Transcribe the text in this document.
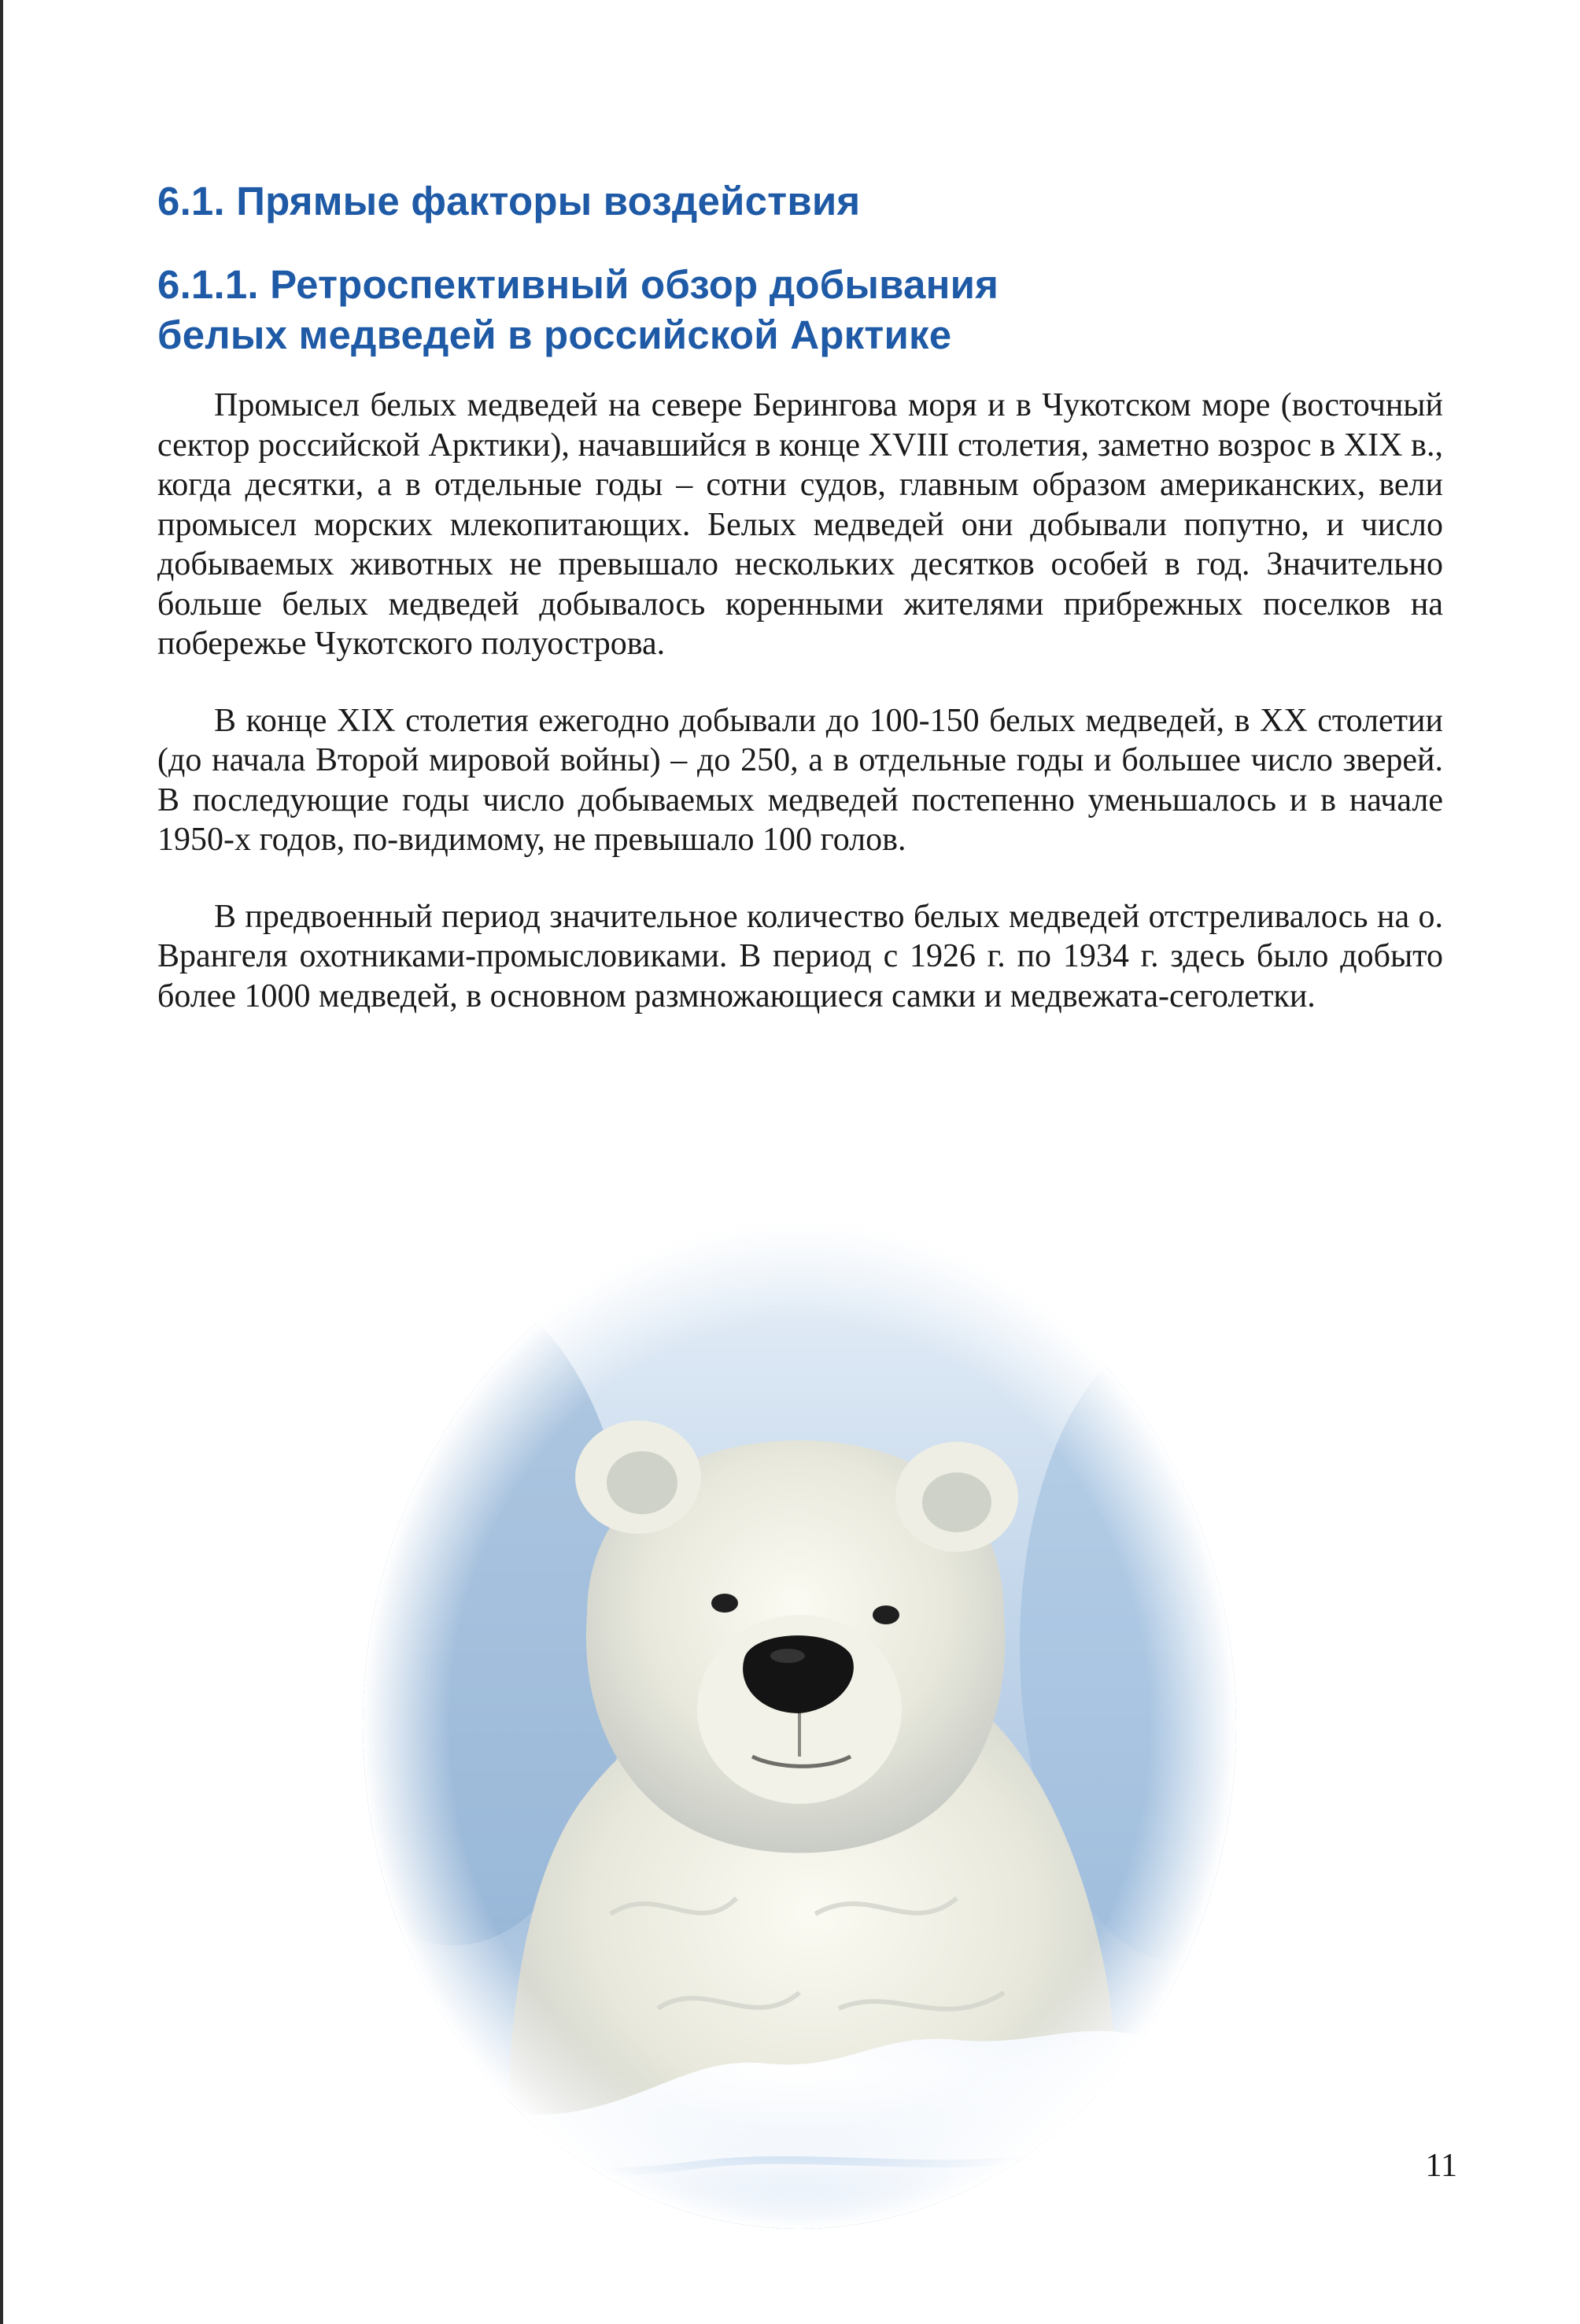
6.1. Прямые факторы воздействия
6.1.1. Ретроспективный обзор добывания
белых медведей в российской Арктике

Промысел белых медведей на севере Берингова моря и в Чукотском море (восточный сектор российской Арктики), начавшийся в конце XVIII столетия, заметно возрос в XIX в., когда десятки, а в отдельные годы – сотни судов, главным образом американских, вели промысел морских млекопитающих. Белых медведей они добывали попутно, и число добываемых животных не превышало нескольких десятков особей в год. Значительно больше белых медведей добывалось коренными жителями прибрежных поселков на побережье Чукотского полуострова.

В конце XIX столетия ежегодно добывали до 100-150 белых медведей, в XX столетии (до начала Второй мировой войны) – до 250, а в отдельные годы и большее число зверей. В последующие годы число добываемых медведей постепенно уменьшалось и в начале 1950-х годов, по-видимому, не превышало 100 голов.

В предвоенный период значительное количество белых медведей отстреливалось на о. Врангеля охотниками-промысловиками. В период с 1926 г. по 1934 г. здесь было добыто более 1000 медведей, в основном размножающиеся самки и медвежата-сеголетки.

11
